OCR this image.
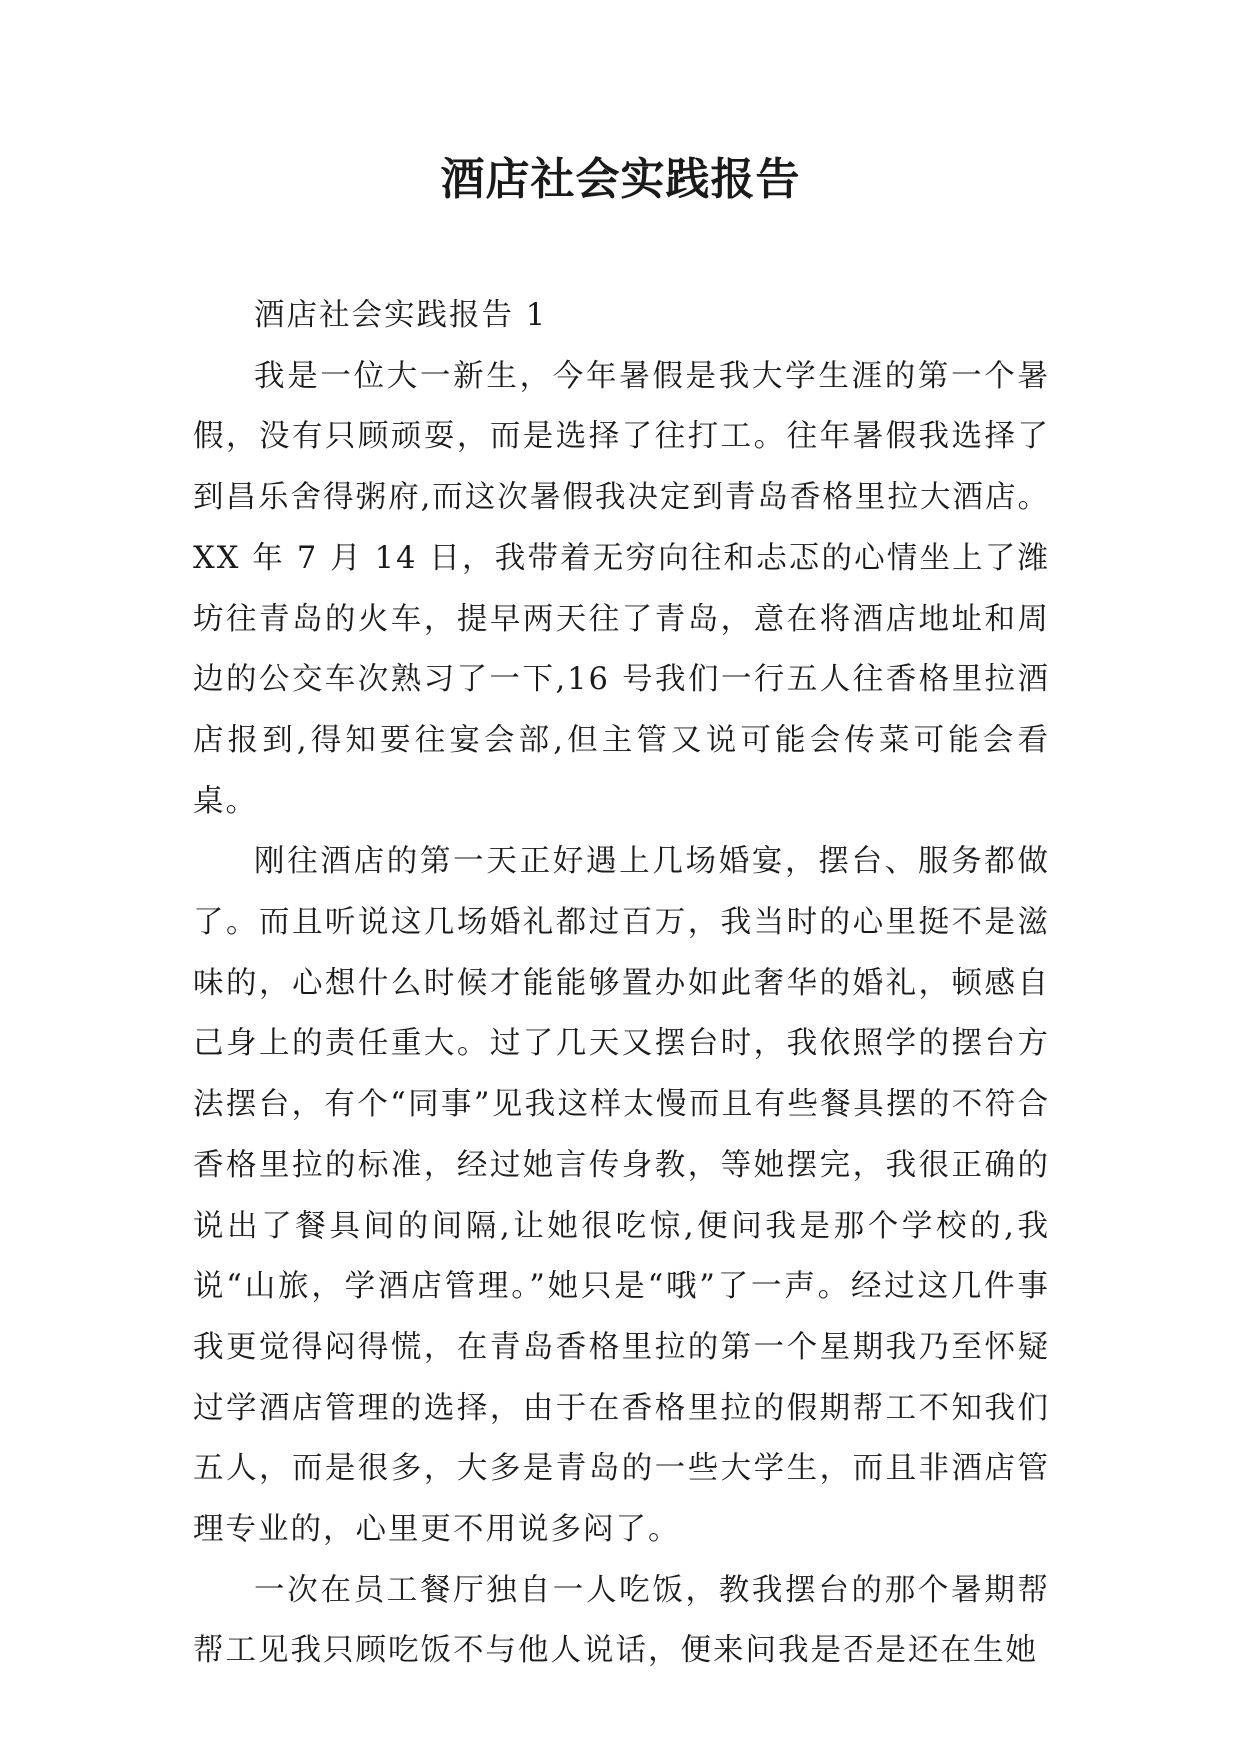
酒店社会实践报告

酒店社会实践报告 1

我是一位大一新生，今年暑假是我大学生涯的第一个暑假，没有只顾顽耍，而是选择了往打工。往年暑假我选择了到昌乐舍得粥府,而这次暑假我决定到青岛香格里拉大酒店。XX 年 7 月 14 日，我带着无穷向往和忐忑的心情坐上了潍坊往青岛的火车，提早两天往了青岛，意在将酒店地址和周边的公交车次熟习了一下,16 号我们一行五人往香格里拉酒店报到,得知要往宴会部,但主管又说可能会传菜可能会看桌。

刚往酒店的第一天正好遇上几场婚宴，摆台、服务都做了。而且听说这几场婚礼都过百万，我当时的心里挺不是滋味的，心想什么时候才能能够置办如此奢华的婚礼，顿感自己身上的责任重大。过了几天又摆台时，我依照学的摆台方法摆台，有个“同事”见我这样太慢而且有些餐具摆的不符合香格里拉的标准，经过她言传身教，等她摆完，我很正确的说出了餐具间的间隔,让她很吃惊,便问我是那个学校的,我说“山旅，学酒店管理。”她只是“哦”了一声。经过这几件事我更觉得闷得慌，在青岛香格里拉的第一个星期我乃至怀疑过学酒店管理的选择，由于在香格里拉的假期帮工不知我们五人，而是很多，大多是青岛的一些大学生，而且非酒店管理专业的，心里更不用说多闷了。

一次在员工餐厅独自一人吃饭，教我摆台的那个暑期帮帮工见我只顾吃饭不与他人说话，便来问我是否是还在生她
